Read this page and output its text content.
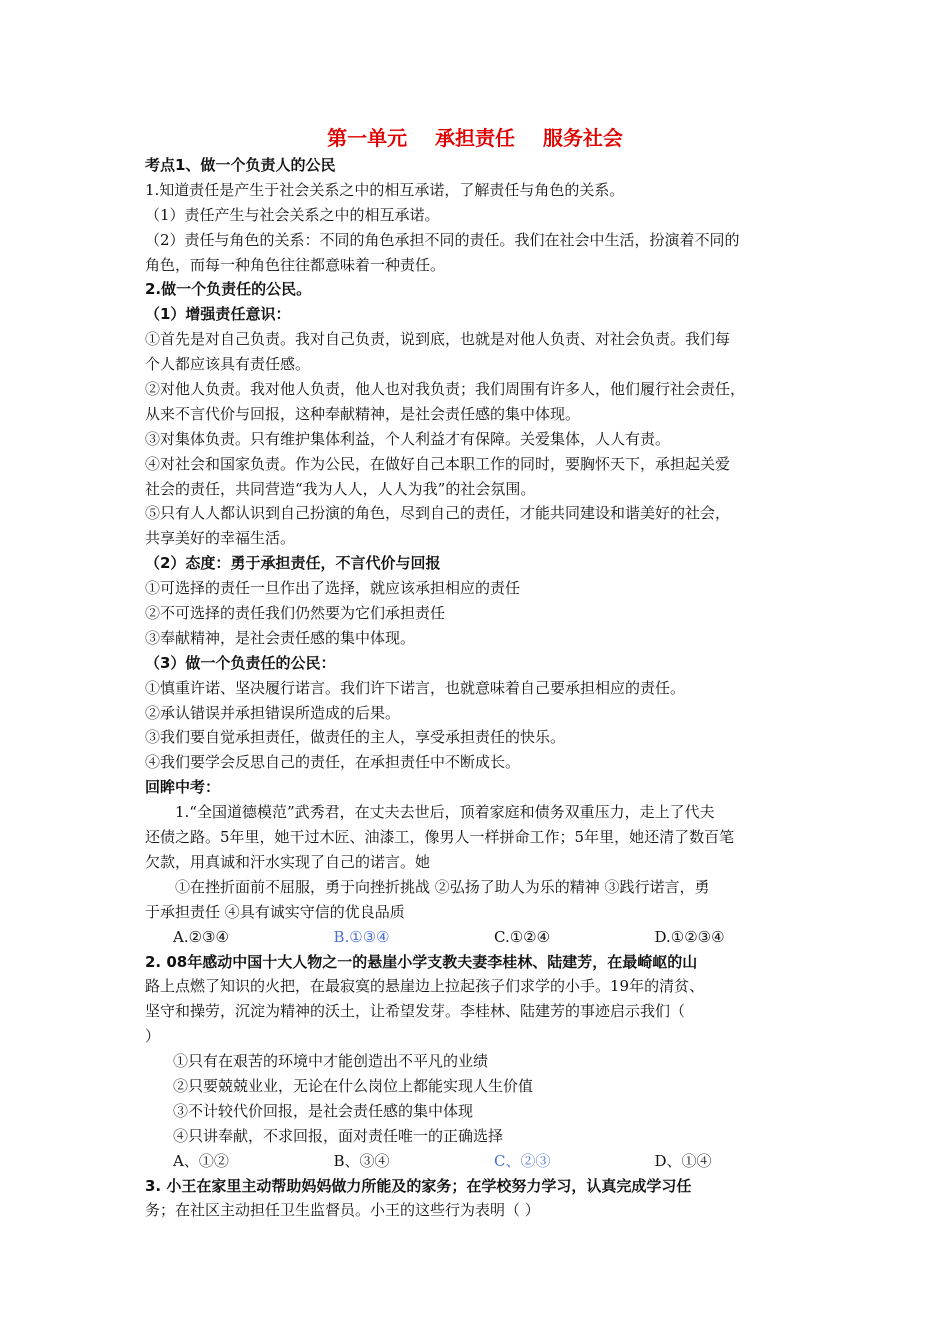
第一单元    承担责任    服务社会
考点1、做一个负责人的公民
1.知道责任是产生于社会关系之中的相互承诺，了解责任与角色的关系。
（1）责任产生与社会关系之中的相互承诺。
（2）责任与角色的关系：不同的角色承担不同的责任。我们在社会中生活，扮演着不同的
角色，而每一种角色往往都意味着一种责任。
2.做一个负责任的公民。
（1）增强责任意识：
①首先是对自己负责。我对自己负责，说到底，也就是对他人负责、对社会负责。我们每
个人都应该具有责任感。
②对他人负责。我对他人负责，他人也对我负责；我们周围有许多人，他们履行社会责任，
从来不言代价与回报，这种奉献精神，是社会责任感的集中体现。
③对集体负责。只有维护集体利益，个人利益才有保障。关爱集体，人人有责。
④对社会和国家负责。作为公民，在做好自己本职工作的同时，要胸怀天下，承担起关爱
社会的责任，共同营造“我为人人，人人为我”的社会氛围。
⑤只有人人都认识到自己扮演的角色，尽到自己的责任，才能共同建设和谐美好的社会，
共享美好的幸福生活。
（2）态度：勇于承担责任，不言代价与回报
①可选择的责任一旦作出了选择，就应该承担相应的责任
②不可选择的责任我们仍然要为它们承担责任
③奉献精神，是社会责任感的集中体现。
（3）做一个负责任的公民：
①慎重许诺、坚决履行诺言。我们许下诺言，也就意味着自己要承担相应的责任。
②承认错误并承担错误所造成的后果。
③我们要自觉承担责任，做责任的主人，享受承担责任的快乐。
④我们要学会反思自己的责任，在承担责任中不断成长。
回眸中考：
1.“全国道德模范”武秀君，在丈夫去世后，顶着家庭和债务双重压力，走上了代夫
还债之路。5年里，她干过木匠、油漆工，像男人一样拼命工作；5年里，她还清了数百笔
欠款，用真诚和汗水实现了自己的诺言。她
①在挫折面前不屈服，勇于向挫折挑战 ②弘扬了助人为乐的精神 ③践行诺言，勇
于承担责任 ④具有诚实守信的优良品质
A.②③④	B.①③④	C.①②④	D.①②③④
2. 08年感动中国十大人物之一的悬崖小学支教夫妻李桂林、陆建芳，在最崎岖的山
路上点燃了知识的火把，在最寂寞的悬崖边上拉起孩子们求学的小手。19年的清贫、
坚守和操劳，沉淀为精神的沃土，让希望发芽。李桂林、陆建芳的事迹启示我们（
）
①只有在艰苦的环境中才能创造出不平凡的业绩
②只要兢兢业业，无论在什么岗位上都能实现人生价值
③不计较代价回报，是社会责任感的集中体现
④只讲奉献，不求回报，面对责任唯一的正确选择
A、①②	B、③④	C、②③	D、①④
3. 小王在家里主动帮助妈妈做力所能及的家务；在学校努力学习，认真完成学习任
务；在社区主动担任卫生监督员。小王的这些行为表明（ ）
